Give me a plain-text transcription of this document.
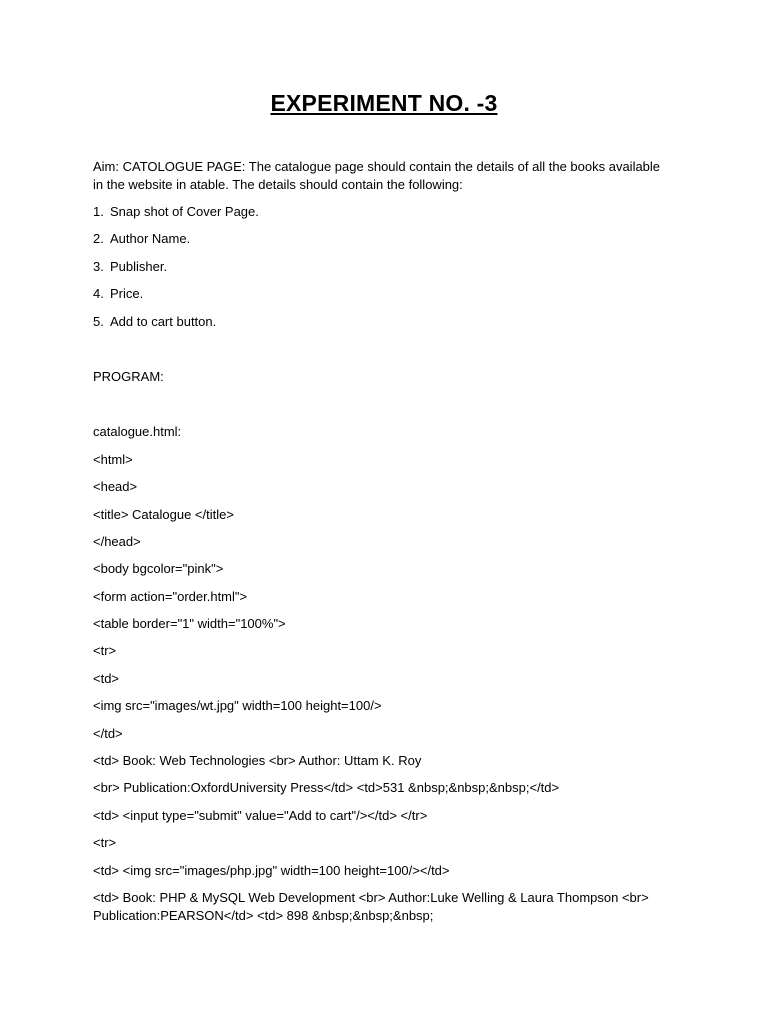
EXPERIMENT NO. -3

Aim: CATOLOGUE PAGE: The catalogue page should contain the details of all the books available in the website in atable. The details should contain the following:

1. Snap shot of Cover Page.
2. Author Name.
3. Publisher.
4. Price.
5. Add to cart button.
PROGRAM:
catalogue.html:
<html>
<head>
<title> Catalogue </title>
</head>
<body bgcolor="pink">
<form action="order.html">
<table border="1" width="100%">
<tr>
<td>
<img src="images/wt.jpg" width=100 height=100/>
</td>
<td> Book: Web Technologies <br> Author: Uttam K. Roy
<br> Publication:OxfordUniversity Press</td> <td>531 &nbsp;&nbsp;&nbsp;</td>
<td> <input type="submit" value="Add to cart"/></td> </tr>
<tr>
<td> <img src="images/php.jpg" width=100 height=100/></td>
<td> Book: PHP & MySQL Web Development <br> Author:Luke Welling & Laura Thompson <br> Publication:PEARSON</td> <td> 898 &nbsp;&nbsp;&nbsp;
